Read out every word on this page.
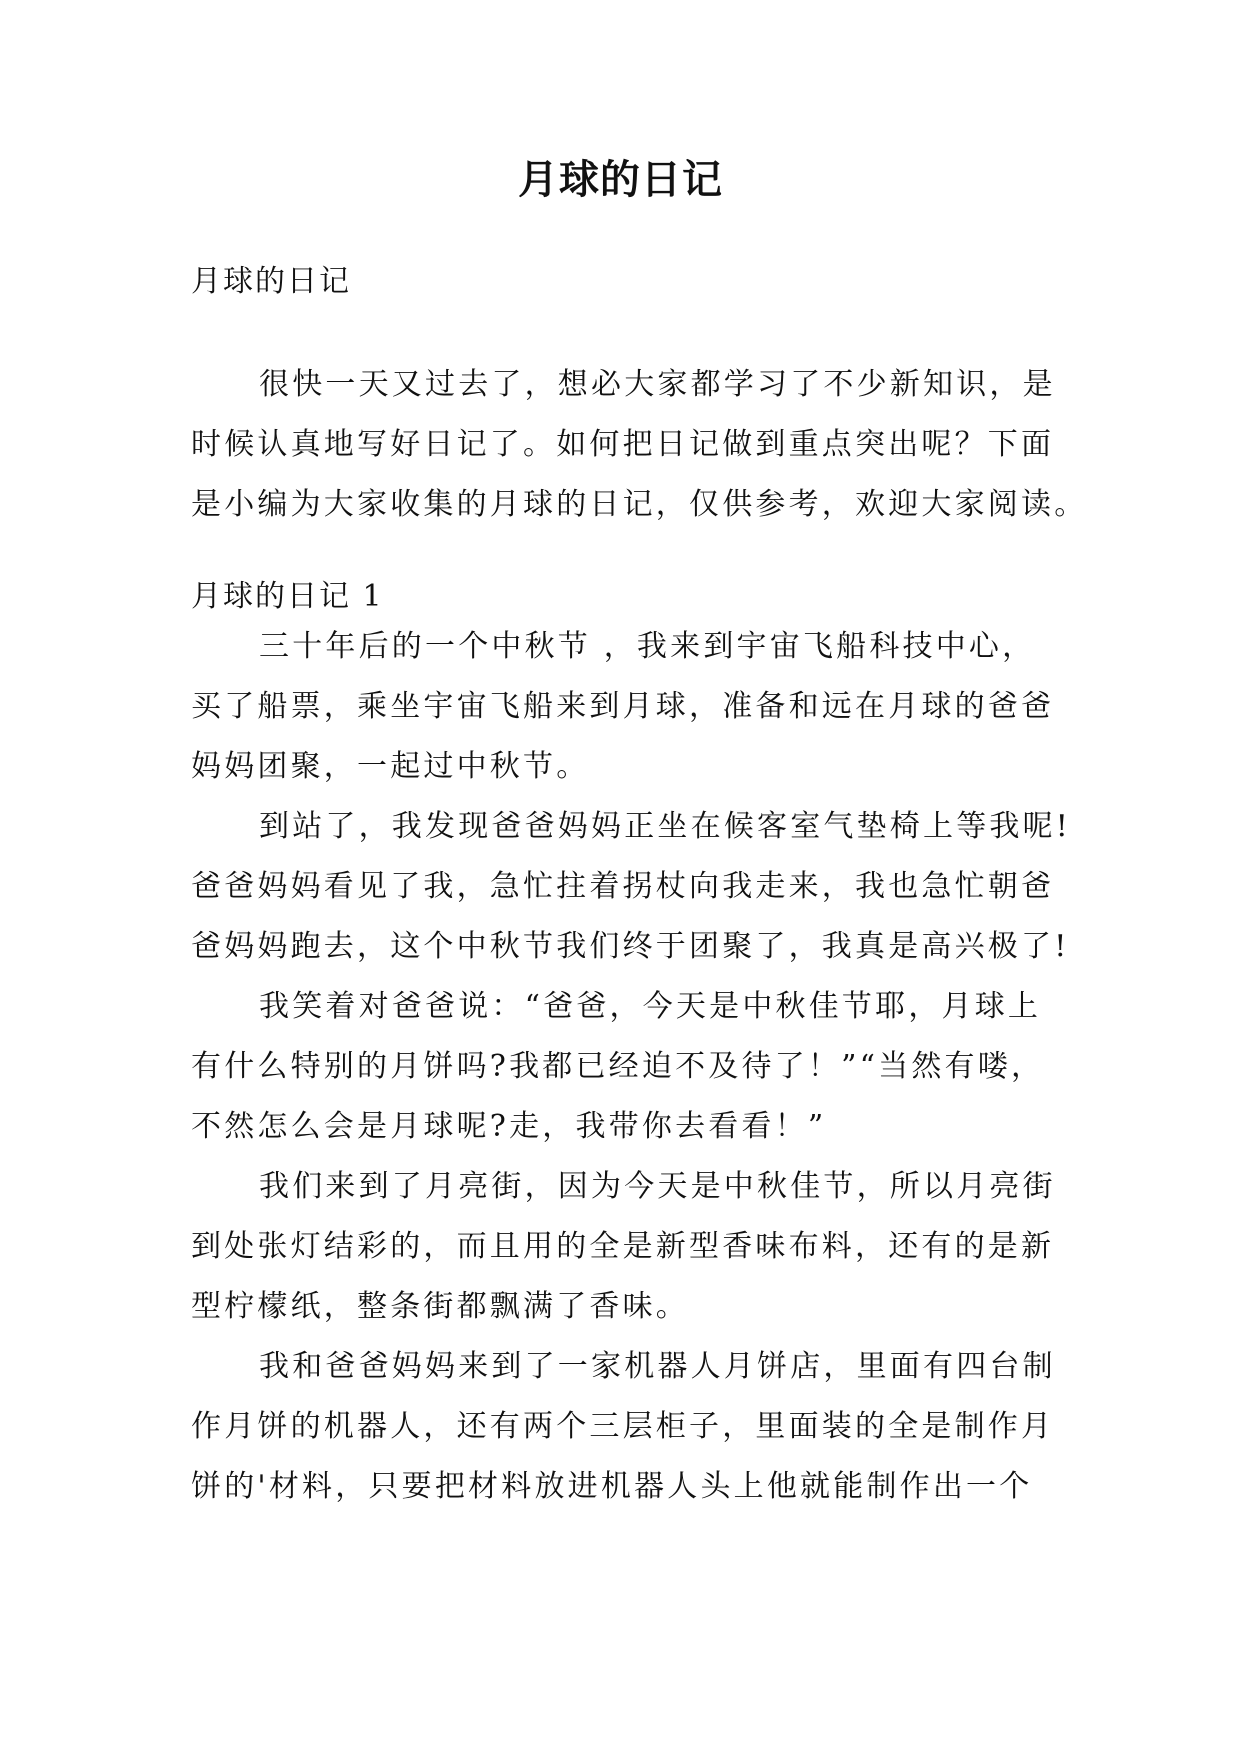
月球的日记
月球的日记
很快一天又过去了，想必大家都学习了不少新知识，是
时候认真地写好日记了。如何把日记做到重点突出呢？下面
是小编为大家收集的月球的日记，仅供参考，欢迎大家阅读。
月球的日记 1
三十年后的一个中秋节 ，我来到宇宙飞船科技中心，
买了船票，乘坐宇宙飞船来到月球，准备和远在月球的爸爸
妈妈团聚，一起过中秋节。
到站了，我发现爸爸妈妈正坐在候客室气垫椅上等我呢!
爸爸妈妈看见了我，急忙拄着拐杖向我走来，我也急忙朝爸
爸妈妈跑去，这个中秋节我们终于团聚了，我真是高兴极了!
我笑着对爸爸说：“爸爸，今天是中秋佳节耶，月球上
有什么特别的月饼吗?我都已经迫不及待了！”“当然有喽，
不然怎么会是月球呢?走，我带你去看看！”
我们来到了月亮街，因为今天是中秋佳节，所以月亮街
到处张灯结彩的，而且用的全是新型香味布料，还有的是新
型柠檬纸，整条街都飘满了香味。
我和爸爸妈妈来到了一家机器人月饼店，里面有四台制
作月饼的机器人，还有两个三层柜子，里面装的全是制作月
饼的'材料，只要把材料放进机器人头上他就能制作出一个
